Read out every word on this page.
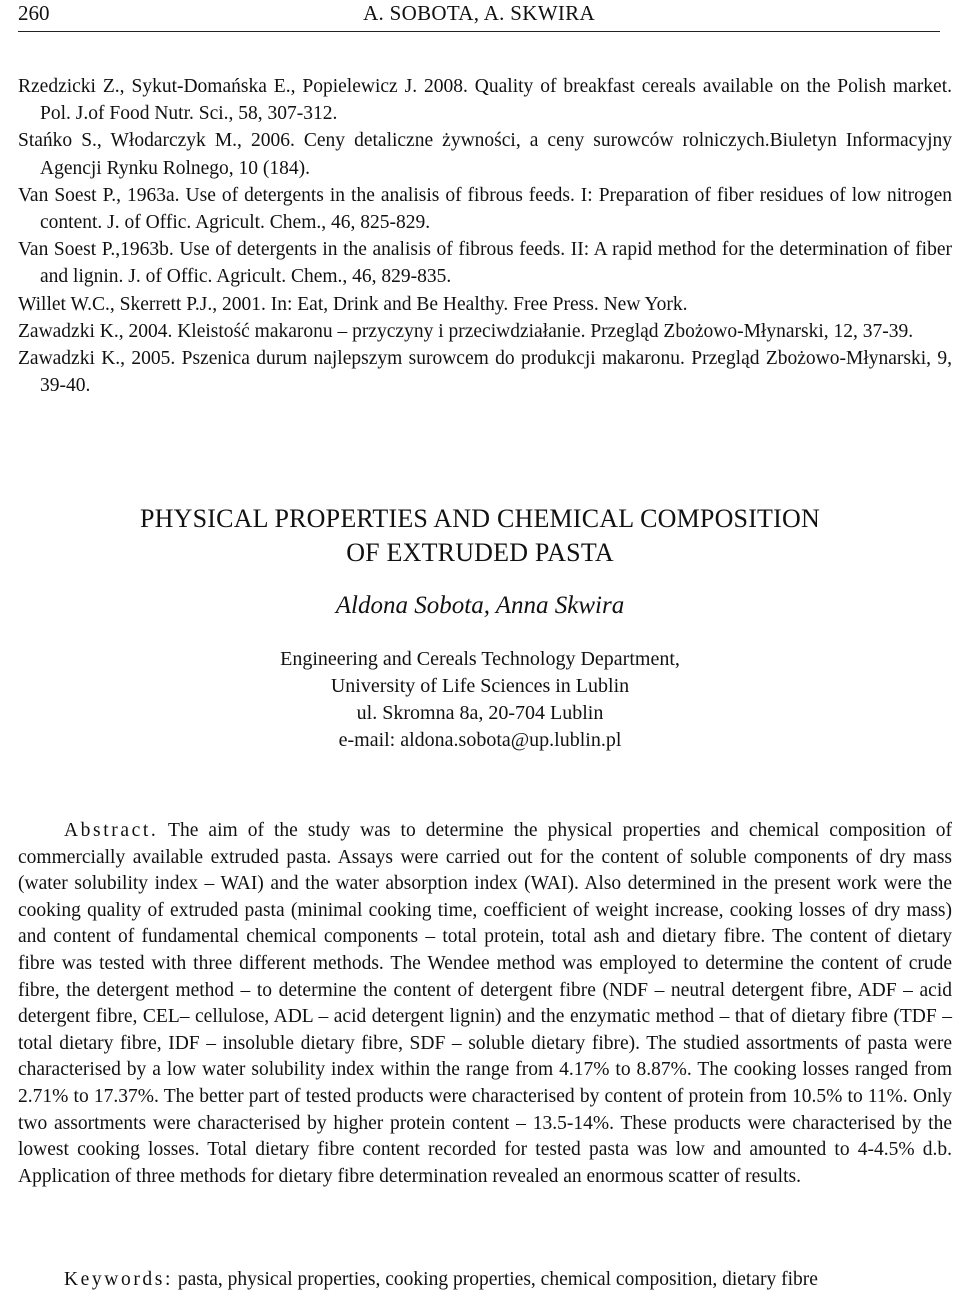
260	A. SOBOTA, A. SKWIRA
Rzedzicki Z., Sykut-Domańska E., Popielewicz J. 2008. Quality of breakfast cereals available on the Polish market. Pol. J.of Food Nutr. Sci., 58, 307-312.
Stańko S., Włodarczyk M., 2006. Ceny detaliczne żywności, a ceny surowców rolniczych.Biuletyn Informacyjny Agencji Rynku Rolnego, 10 (184).
Van Soest P., 1963a. Use of detergents in the analisis of fibrous feeds. I: Preparation of fiber residues of low nitrogen content. J. of Offic. Agricult. Chem., 46, 825-829.
Van Soest P.,1963b. Use of detergents in the analisis of fibrous feeds. II: A rapid method for the determination of fiber and lignin. J. of Offic. Agricult. Chem., 46, 829-835.
Willet W.C., Skerrett P.J., 2001. In: Eat, Drink and Be Healthy. Free Press. New York.
Zawadzki K., 2004. Kleistość makaronu – przyczyny i przeciwdziałanie. Przegląd Zbożowo-Młynarski, 12, 37-39.
Zawadzki K., 2005. Pszenica durum najlepszym surowcem do produkcji makaronu. Przegląd Zbożowo-Młynarski, 9, 39-40.
PHYSICAL PROPERTIES AND CHEMICAL COMPOSITION
OF EXTRUDED PASTA
Aldona Sobota, Anna Skwira
Engineering and Cereals Technology Department,
University of Life Sciences in Lublin
ul. Skromna 8a, 20-704 Lublin
e-mail: aldona.sobota@up.lublin.pl
Abstract. The aim of the study was to determine the physical properties and chemical composition of commercially available extruded pasta. Assays were carried out for the content of soluble components of dry mass (water solubility index – WAI) and the water absorption index (WAI). Also determined in the present work were the cooking quality of extruded pasta (minimal cooking time, coefficient of weight increase, cooking losses of dry mass) and content of fundamental chemical components – total protein, total ash and dietary fibre. The content of dietary fibre was tested with three different methods. The Wendee method was employed to determine the content of crude fibre, the detergent method – to determine the content of detergent fibre (NDF – neutral detergent fibre, ADF – acid detergent fibre, CEL– cellulose, ADL – acid detergent lignin) and the enzymatic method – that of dietary fibre (TDF – total dietary fibre, IDF – insoluble dietary fibre, SDF – soluble dietary fibre). The studied assortments of pasta were characterised by a low water solubility index within the range from 4.17% to 8.87%. The cooking losses ranged from 2.71% to 17.37%. The better part of tested products were characterised by content of protein from 10.5% to 11%. Only two assortments were characterised by higher protein content – 13.5-14%. These products were characterised by the lowest cooking losses. Total dietary fibre content recorded for tested pasta was low and amounted to 4-4.5% d.b. Application of three methods for dietary fibre determination revealed an enormous scatter of results.
Keywords: pasta, physical properties, cooking properties, chemical composition, dietary fibre
